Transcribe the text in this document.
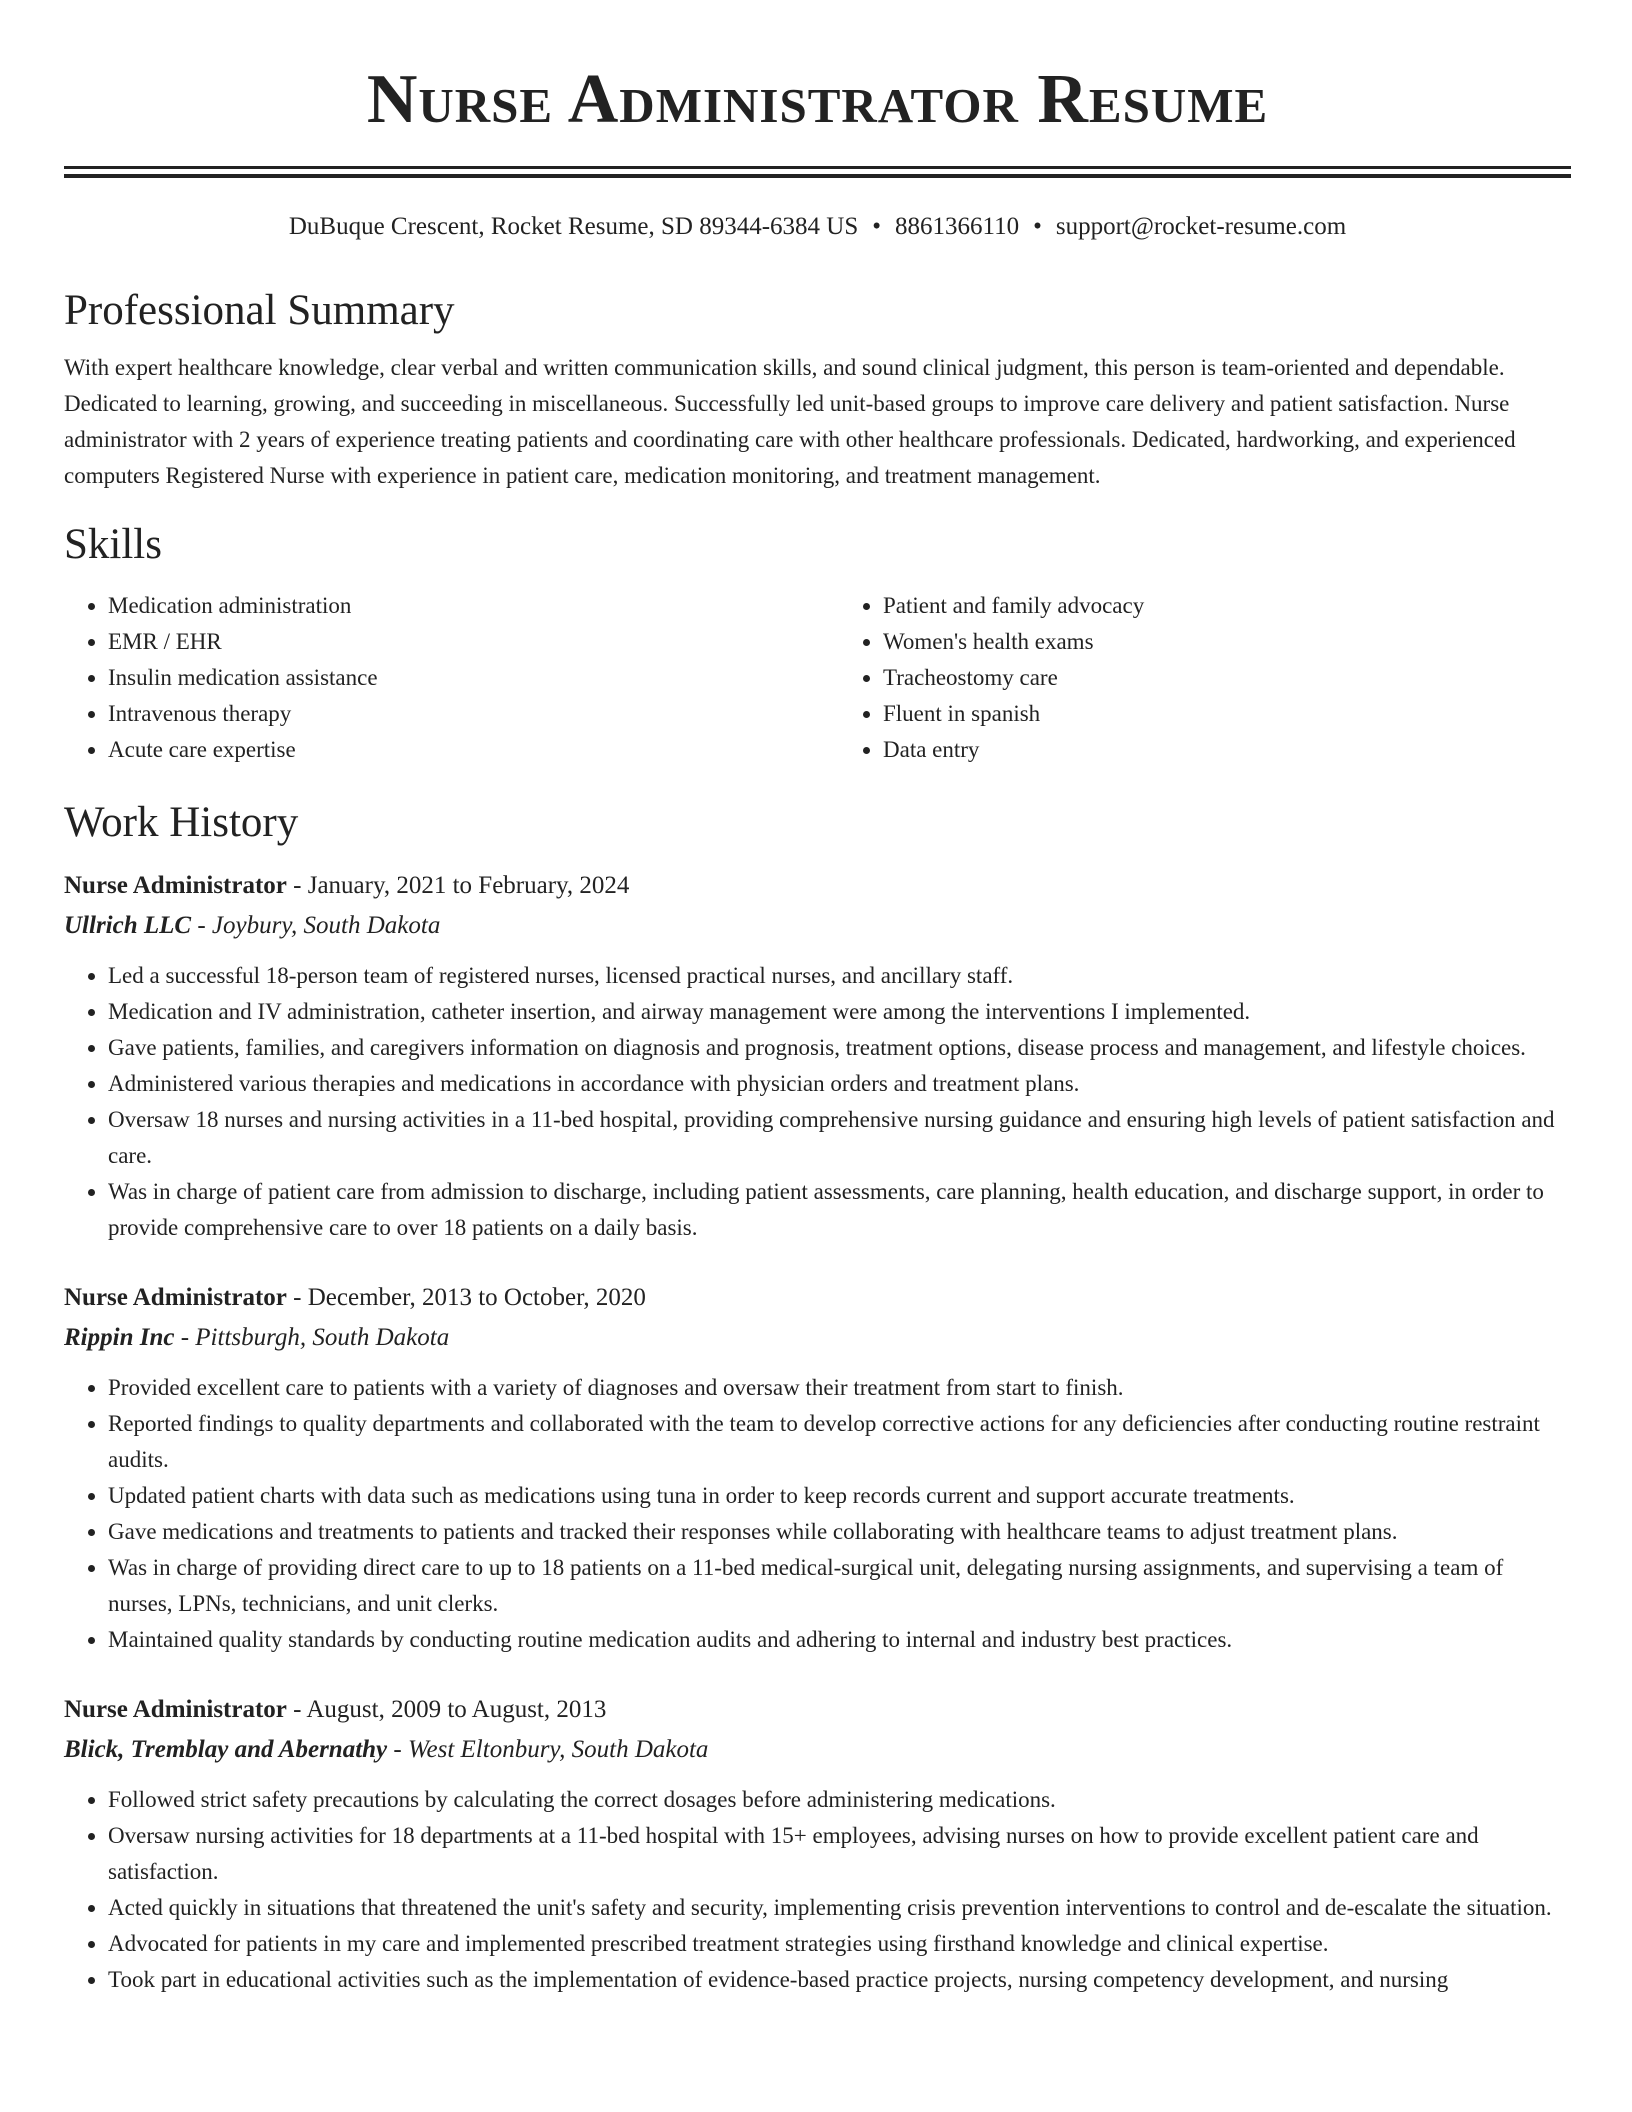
Nurse Administrator Resume
DuBuque Crescent, Rocket Resume, SD 89344-6384 US • 8861366110 • support@rocket-resume.com
Professional Summary

With expert healthcare knowledge, clear verbal and written communication skills, and sound clinical judgment, this person is team-oriented and dependable. Dedicated to learning, growing, and succeeding in miscellaneous. Successfully led unit-based groups to improve care delivery and patient satisfaction. Nurse administrator with 2 years of experience treating patients and coordinating care with other healthcare professionals. Dedicated, hardworking, and experienced computers Registered Nurse with experience in patient care, medication monitoring, and treatment management.

Skills
• Medication administration
• EMR / EHR
• Insulin medication assistance
• Intravenous therapy
• Acute care expertise
• Patient and family advocacy
• Women's health exams
• Tracheostomy care
• Fluent in spanish
• Data entry
Work History
Nurse Administrator - January, 2021 to February, 2024
Ullrich LLC - Joybury, South Dakota
• Led a successful 18-person team of registered nurses, licensed practical nurses, and ancillary staff.
• Medication and IV administration, catheter insertion, and airway management were among the interventions I implemented.
• Gave patients, families, and caregivers information on diagnosis and prognosis, treatment options, disease process and management, and lifestyle choices.
• Administered various therapies and medications in accordance with physician orders and treatment plans.
• Oversaw 18 nurses and nursing activities in a 11-bed hospital, providing comprehensive nursing guidance and ensuring high levels of patient satisfaction and care.
• Was in charge of patient care from admission to discharge, including patient assessments, care planning, health education, and discharge support, in order to provide comprehensive care to over 18 patients on a daily basis.
Nurse Administrator - December, 2013 to October, 2020
Rippin Inc - Pittsburgh, South Dakota
• Provided excellent care to patients with a variety of diagnoses and oversaw their treatment from start to finish.
• Reported findings to quality departments and collaborated with the team to develop corrective actions for any deficiencies after conducting routine restraint audits.
• Updated patient charts with data such as medications using tuna in order to keep records current and support accurate treatments.
• Gave medications and treatments to patients and tracked their responses while collaborating with healthcare teams to adjust treatment plans.
• Was in charge of providing direct care to up to 18 patients on a 11-bed medical-surgical unit, delegating nursing assignments, and supervising a team of nurses, LPNs, technicians, and unit clerks.
• Maintained quality standards by conducting routine medication audits and adhering to internal and industry best practices.
Nurse Administrator - August, 2009 to August, 2013
Blick, Tremblay and Abernathy - West Eltonbury, South Dakota
• Followed strict safety precautions by calculating the correct dosages before administering medications.
• Oversaw nursing activities for 18 departments at a 11-bed hospital with 15+ employees, advising nurses on how to provide excellent patient care and satisfaction.
• Acted quickly in situations that threatened the unit's safety and security, implementing crisis prevention interventions to control and de-escalate the situation.
• Advocated for patients in my care and implemented prescribed treatment strategies using firsthand knowledge and clinical expertise.
• Took part in educational activities such as the implementation of evidence-based practice projects, nursing competency development, and nursing
